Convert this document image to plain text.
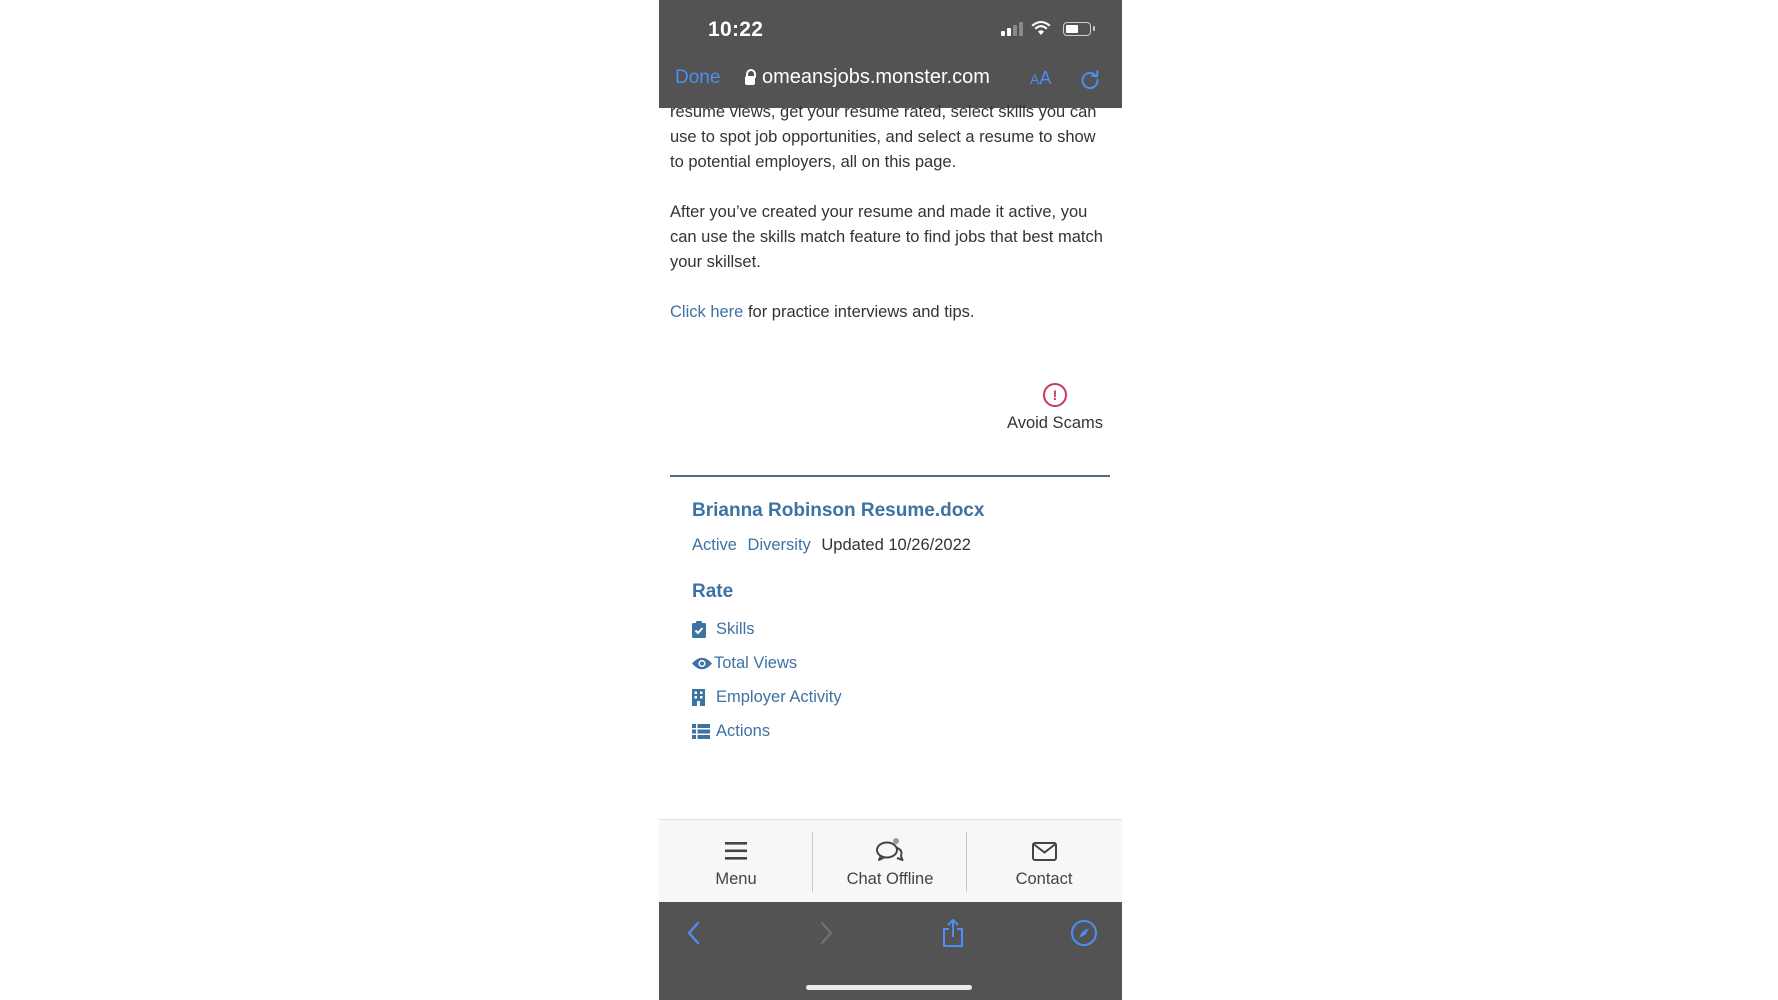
10:22
Done omeansjobs.monster.com	AA

resume views, get your resume rated, select skills you can use to spot job opportunities, and select a resume to show to potential employers, all on this page.

After you’ve created your resume and made it active, you can use the skills match feature to find jobs that best match your skillset.

Click here for practice interviews and tips.

!
Avoid Scams
Brianna Robinson Resume.docx
Active Diversity Updated 10/26/2022
Rate
Skills
Total Views
Employer Activity
Actions
Menu	Chat Offline	Contact
